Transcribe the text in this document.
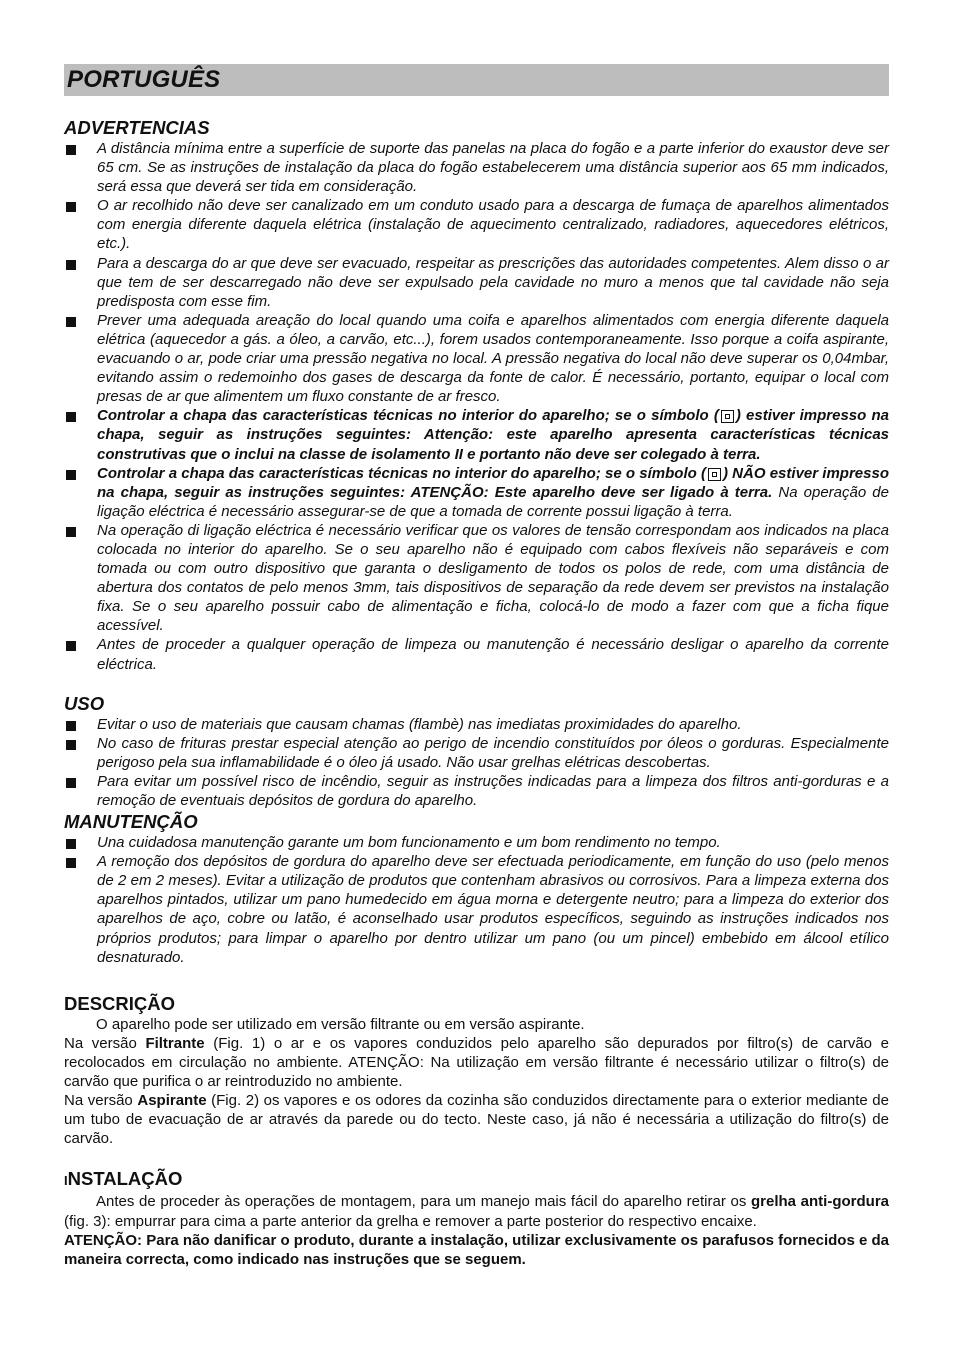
PORTUGUÊS
ADVERTENCIAS
A distância mínima entre a superfície de suporte das panelas na placa do fogão e a parte inferior do exaustor deve ser 65 cm. Se as instruções de instalação da placa do fogão estabelecerem uma distância superior aos 65 mm indicados, será essa que deverá ser tida em consideração.
O ar recolhido não deve ser canalizado em um conduto usado para a descarga de fumaça de aparelhos alimentados com energia diferente daquela elétrica (instalação de aquecimento centralizado, radiadores, aquecedores elétricos, etc.).
Para a descarga do ar que deve ser evacuado, respeitar as prescrições das autoridades competentes. Alem disso o ar que tem de ser descarregado não deve ser expulsado pela cavidade no muro a menos que tal cavidade não seja predisposta com esse fim.
Prever uma adequada areação do local quando uma coifa e aparelhos alimentados com energia diferente daquela elétrica (aquecedor a gás. a óleo, a carvão, etc...), forem usados contemporaneamente. Isso porque a coifa aspirante, evacuando o ar, pode criar uma pressão negativa no local. A pressão negativa do local não deve superar os 0,04mbar, evitando assim o redemoinho dos gases de descarga da fonte de calor. É necessário, portanto, equipar o local com presas de ar que alimentem um fluxo constante de ar fresco.
Controlar a chapa das características técnicas no interior do aparelho; se o símbolo ( ) estiver impresso na chapa, seguir as instruções seguintes: Attenção: este aparelho apresenta características técnicas construtivas que o inclui na classe de isolamento II e portanto não deve ser colegado à terra.
Controlar a chapa das características técnicas no interior do aparelho; se o símbolo ( ) NÃO estiver impresso na chapa, seguir as instruções seguintes: ATENÇÃO: Este aparelho deve ser ligado à terra. Na operação de ligação eléctrica é necessário assegurar-se de que a tomada de corrente possui ligação à terra.
Na operação di ligação eléctrica é necessário verificar que os valores de tensão correspondam aos indicados na placa colocada no interior do aparelho. Se o seu aparelho não é equipado com cabos flexíveis não separáveis e com tomada ou com outro dispositivo que garanta o desligamento de todos os polos de rede, com uma distância de abertura dos contatos de pelo menos 3mm, tais dispositivos de separação da rede devem ser previstos na instalação fixa. Se o seu aparelho possuir cabo de alimentação e ficha, colocá-lo de modo a fazer com que a ficha fique acessível.
Antes de proceder a qualquer operação de limpeza ou manutenção é necessário desligar o aparelho da corrente eléctrica.
USO
Evitar o uso de materiais que causam chamas (flambè) nas imediatas proximidades do aparelho.
No caso de frituras prestar especial atenção ao perigo de incendio constituídos por óleos o gorduras. Especialmente perigoso pela sua inflamabilidade é o óleo já usado. Não usar grelhas elétricas descobertas.
Para evitar um possível risco de incêndio, seguir as instruções indicadas para a limpeza dos filtros anti-gorduras e a remoção de eventuais depósitos de gordura do aparelho.
MANUTENÇÃO
Una cuidadosa manutenção garante um bom funcionamento e um bom rendimento no tempo.
A remoção dos depósitos de gordura do aparelho deve ser efectuada periodicamente, em função do uso (pelo menos de 2 em 2 meses). Evitar a utilização de produtos que contenham abrasivos ou corrosivos. Para a limpeza externa dos aparelhos pintados, utilizar um pano humedecido em água morna e detergente neutro; para a limpeza do exterior dos aparelhos de aço, cobre ou latão, é aconselhado usar produtos específicos, seguindo as instruções indicados nos próprios produtos; para limpar o aparelho por dentro utilizar um pano (ou um pincel) embebido em álcool etílico desnaturado.
DESCRIÇÃO

O aparelho pode ser utilizado em versão filtrante ou em versão aspirante.

Na versão Filtrante (Fig. 1) o ar e os vapores conduzidos pelo aparelho são depurados por filtro(s) de carvão e recolocados em circulação no ambiente. ATENÇÃO: Na utilização em versão filtrante é necessário utilizar o filtro(s) de carvão que purifica o ar reintroduzido no ambiente.

Na versão Aspirante (Fig. 2) os vapores e os odores da cozinha são conduzidos directamente para o exterior mediante de um tubo de evacuação de ar através da parede ou do tecto. Neste caso, já não é necessária a utilização do filtro(s) de carvão.

INSTALAÇÃO

Antes de proceder às operações de montagem, para um manejo mais fácil do aparelho retirar os grelha anti-gordura (fig. 3): empurrar para cima a parte anterior da grelha e remover a parte posterior do respectivo encaixe.

ATENÇÃO: Para não danificar o produto, durante a instalação, utilizar exclusivamente os parafusos fornecidos e da maneira correcta, como indicado nas instruções que se seguem.
